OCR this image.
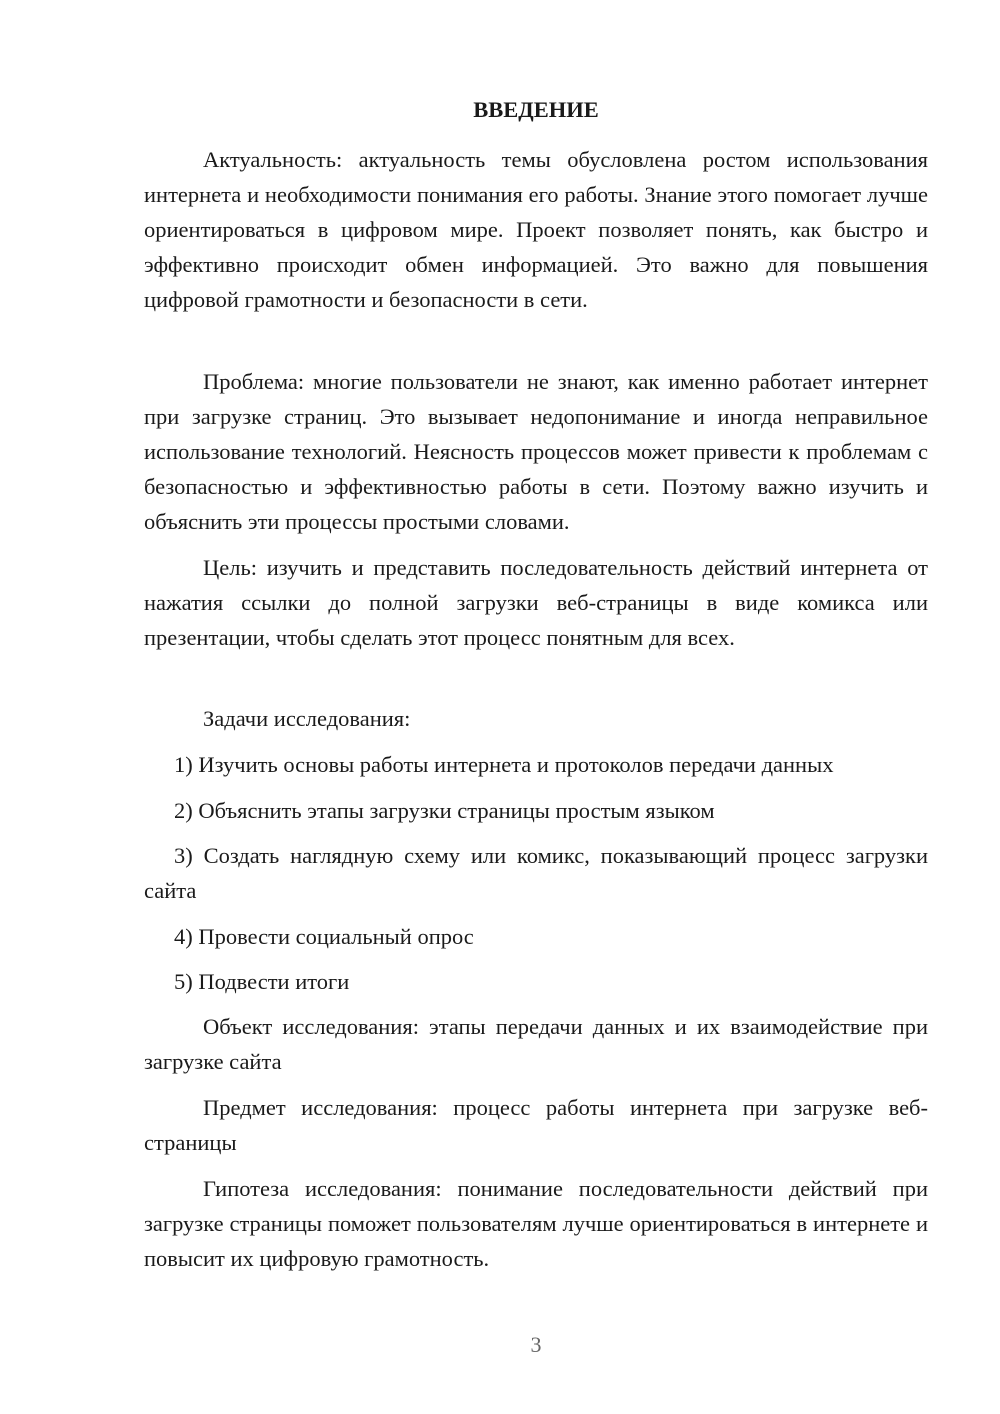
ВВЕДЕНИЕ

Актуальность: актуальность темы обусловлена ростом использования интернета и необходимости понимания его работы. Знание этого помогает лучше ориентироваться в цифровом мире. Проект позволяет понять, как быстро и эффективно происходит обмен информацией. Это важно для повышения цифровой грамотности и безопасности в сети.

Проблема: многие пользователи не знают, как именно работает интернет при загрузке страниц. Это вызывает недопонимание и иногда неправильное использование технологий. Неясность процессов может привести к проблемам с безопасностью и эффективностью работы в сети. Поэтому важно изучить и объяснить эти процессы простыми словами.

Цель: изучить и представить последовательность действий интернета от нажатия ссылки до полной загрузки веб-страницы в виде комикса или презентации, чтобы сделать этот процесс понятным для всех.

Задачи исследования:

1) Изучить основы работы интернета и протоколов передачи данных

2) Объяснить этапы загрузки страницы простым языком

3) Создать наглядную схему или комикс, показывающий процесс загрузки сайта

4) Провести социальный опрос

5) Подвести итоги

Объект исследования: этапы передачи данных и их взаимодействие при загрузке сайта

Предмет исследования: процесс работы интернета при загрузке веб-страницы

Гипотеза исследования: понимание последовательности действий при загрузке страницы поможет пользователям лучше ориентироваться в интернете и повысит их цифровую грамотность.

3
